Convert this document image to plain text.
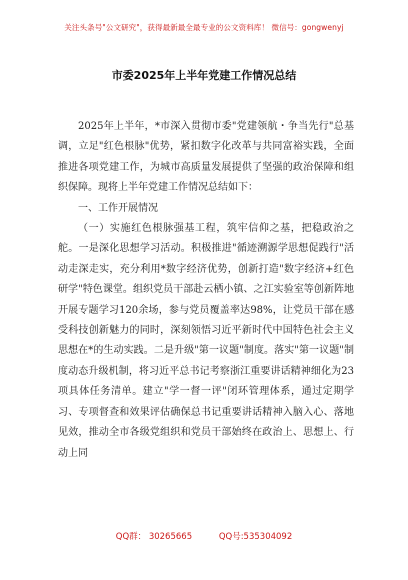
关注头条号"公文研究"，获得最新最全最专业的公文资料库！ 微信号：gongwenyj
市委2025年上半年党建工作情况总结

2025年上半年，*市深入贯彻市委"党建领航・争当先行"总基调，立足"红色根脉"优势，紧扣数字化改革与共同富裕实践，全面推进各项党建工作，为城市高质量发展提供了坚强的政治保障和组织保障。现将上半年党建工作情况总结如下：

一、工作开展情况

（一）实施红色根脉强基工程，筑牢信仰之基，把稳政治之舵。一是深化思想学习活动。积极推进"循迹溯源学思想促践行"活动走深走实，充分利用*数字经济优势，创新打造"数字经济+红色研学"特色课堂。组织党员干部赴云栖小镇、之江实验室等创新阵地开展专题学习120余场，参与党员覆盖率达98%，让党员干部在感受科技创新魅力的同时，深刻领悟习近平新时代中国特色社会主义思想在*的生动实践。二是升级"第一议题"制度。落实"第一议题"制度动态升级机制，将习近平总书记考察浙江重要讲话精神细化为23项具体任务清单。建立"学一督一评"闭环管理体系，通过定期学习、专项督查和效果评估确保总书记重要讲话精神入脑入心、落地见效，推动全市各级党组织和党员干部始终在政治上、思想上、行动上同

QQ群： 30265665	QQ号:535304092
